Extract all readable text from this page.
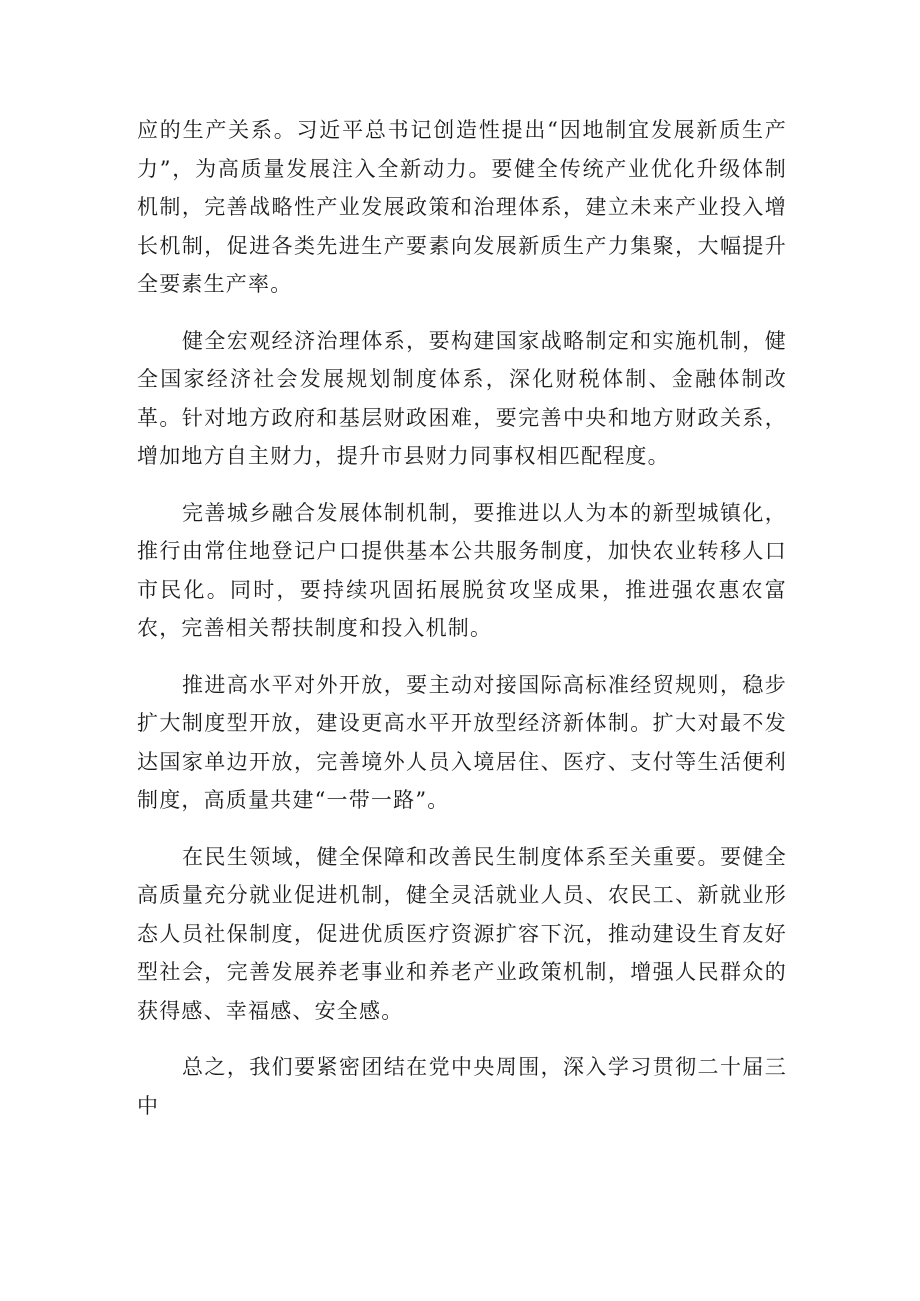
应的生产关系。习近平总书记创造性提出“因地制宜发展新质生产力”，为高质量发展注入全新动力。要健全传统产业优化升级体制机制，完善战略性产业发展政策和治理体系，建立未来产业投入增长机制，促进各类先进生产要素向发展新质生产力集聚，大幅提升全要素生产率。

健全宏观经济治理体系，要构建国家战略制定和实施机制，健全国家经济社会发展规划制度体系，深化财税体制、金融体制改革。针对地方政府和基层财政困难，要完善中央和地方财政关系，增加地方自主财力，提升市县财力同事权相匹配程度。

完善城乡融合发展体制机制，要推进以人为本的新型城镇化，推行由常住地登记户口提供基本公共服务制度，加快农业转移人口市民化。同时，要持续巩固拓展脱贫攻坚成果，推进强农惠农富农，完善相关帮扶制度和投入机制。

推进高水平对外开放，要主动对接国际高标准经贸规则，稳步扩大制度型开放，建设更高水平开放型经济新体制。扩大对最不发达国家单边开放，完善境外人员入境居住、医疗、支付等生活便利制度，高质量共建“一带一路”。

在民生领域，健全保障和改善民生制度体系至关重要。要健全高质量充分就业促进机制，健全灵活就业人员、农民工、新就业形态人员社保制度，促进优质医疗资源扩容下沉，推动建设生育友好型社会，完善发展养老事业和养老产业政策机制，增强人民群众的获得感、幸福感、安全感。

总之，我们要紧密团结在党中央周围，深入学习贯彻二十届三中
